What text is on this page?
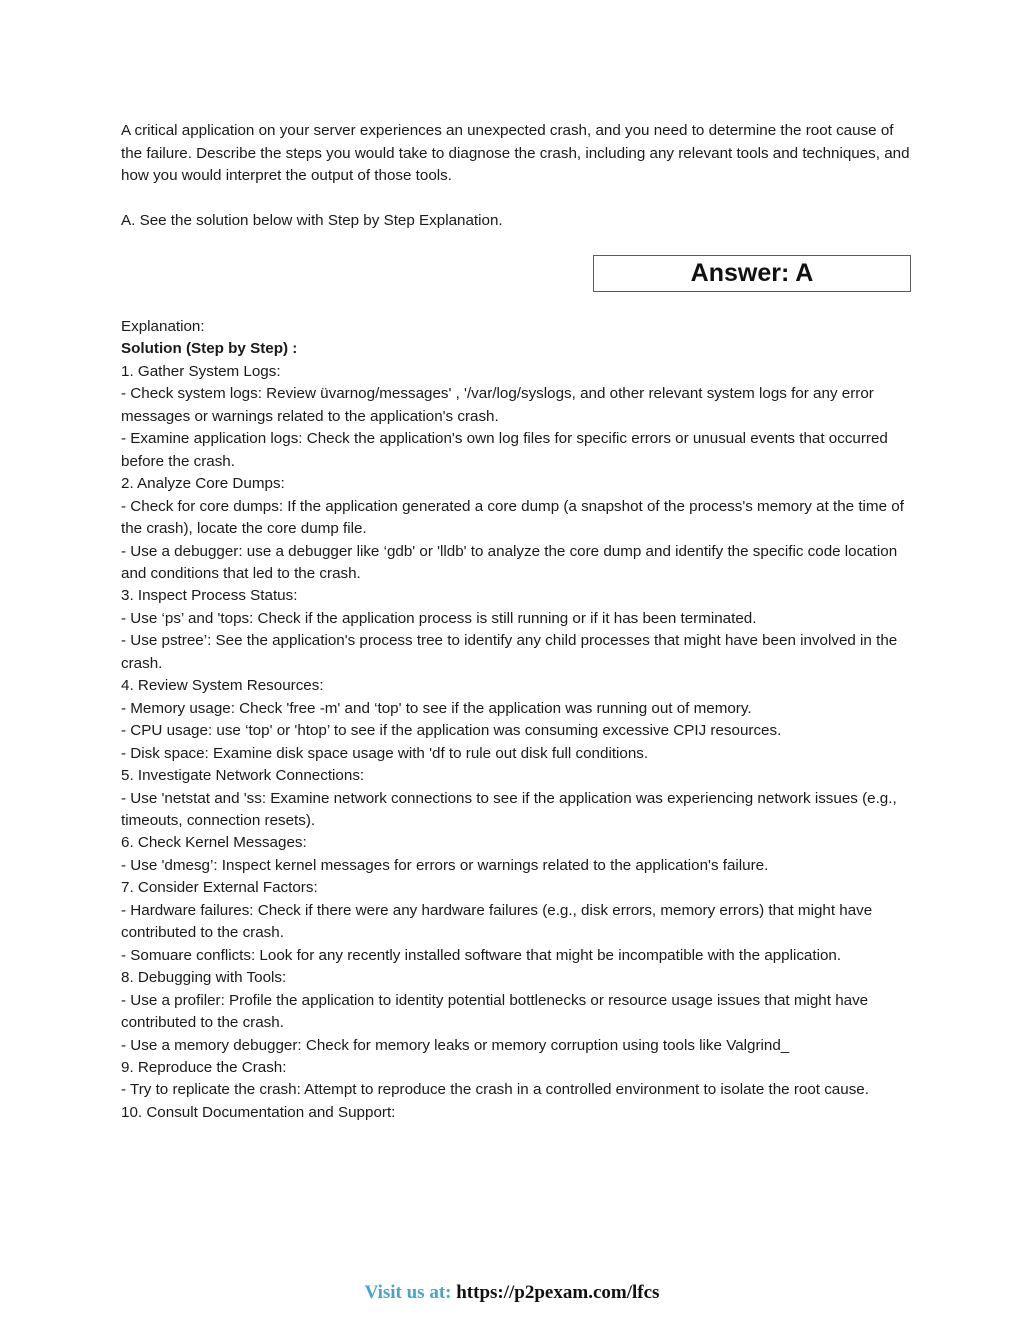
A critical application on your server experiences an unexpected crash, and you need to determine the root cause of the failure. Describe the steps you would take to diagnose the crash, including any relevant tools and techniques, and how you would interpret the output of those tools.

A. See the solution below with Step by Step Explanation.

Answer: A
Explanation:
Solution (Step by Step) :
1. Gather System Logs:
- Check system logs: Review üvarnog/messages' , '/var/log/syslogs, and other relevant system logs for any error messages or warnings related to the application's crash.
- Examine application logs: Check the application's own log files for specific errors or unusual events that occurred before the crash.
2. Analyze Core Dumps:
- Check for core dumps: If the application generated a core dump (a snapshot of the process's memory at the time of the crash), locate the core dump file.
- Use a debugger: use a debugger like ‘gdb' or 'lldb' to analyze the core dump and identify the specific code location and conditions that led to the crash.
3. Inspect Process Status:
- Use ‘ps’ and 'tops: Check if the application process is still running or if it has been terminated.
- Use pstree’: See the application's process tree to identify any child processes that might have been involved in the crash.
4. Review System Resources:
- Memory usage: Check 'free -m' and ‘top' to see if the application was running out of memory.
- CPU usage: use ‘top' or 'htop’ to see if the application was consuming excessive CPIJ resources.
- Disk space: Examine disk space usage with 'df to rule out disk full conditions.
5. Investigate Network Connections:
- Use 'netstat and 'ss: Examine network connections to see if the application was experiencing network issues (e.g., timeouts, connection resets).
6. Check Kernel Messages:
- Use 'dmesg’: Inspect kernel messages for errors or warnings related to the application's failure.
7. Consider External Factors:
- Hardware failures: Check if there were any hardware failures (e.g., disk errors, memory errors) that might have contributed to the crash.
- Somuare conflicts: Look for any recently installed software that might be incompatible with the application.
8. Debugging with Tools:
- Use a profiler: Profile the application to identity potential bottlenecks or resource usage issues that might have contributed to the crash.
- Use a memory debugger: Check for memory leaks or memory corruption using tools like Valgrind_
9. Reproduce the Crash:
- Try to replicate the crash: Attempt to reproduce the crash in a controlled environment to isolate the root cause.
10. Consult Documentation and Support:
Visit us at: https://p2pexam.com/lfcs
